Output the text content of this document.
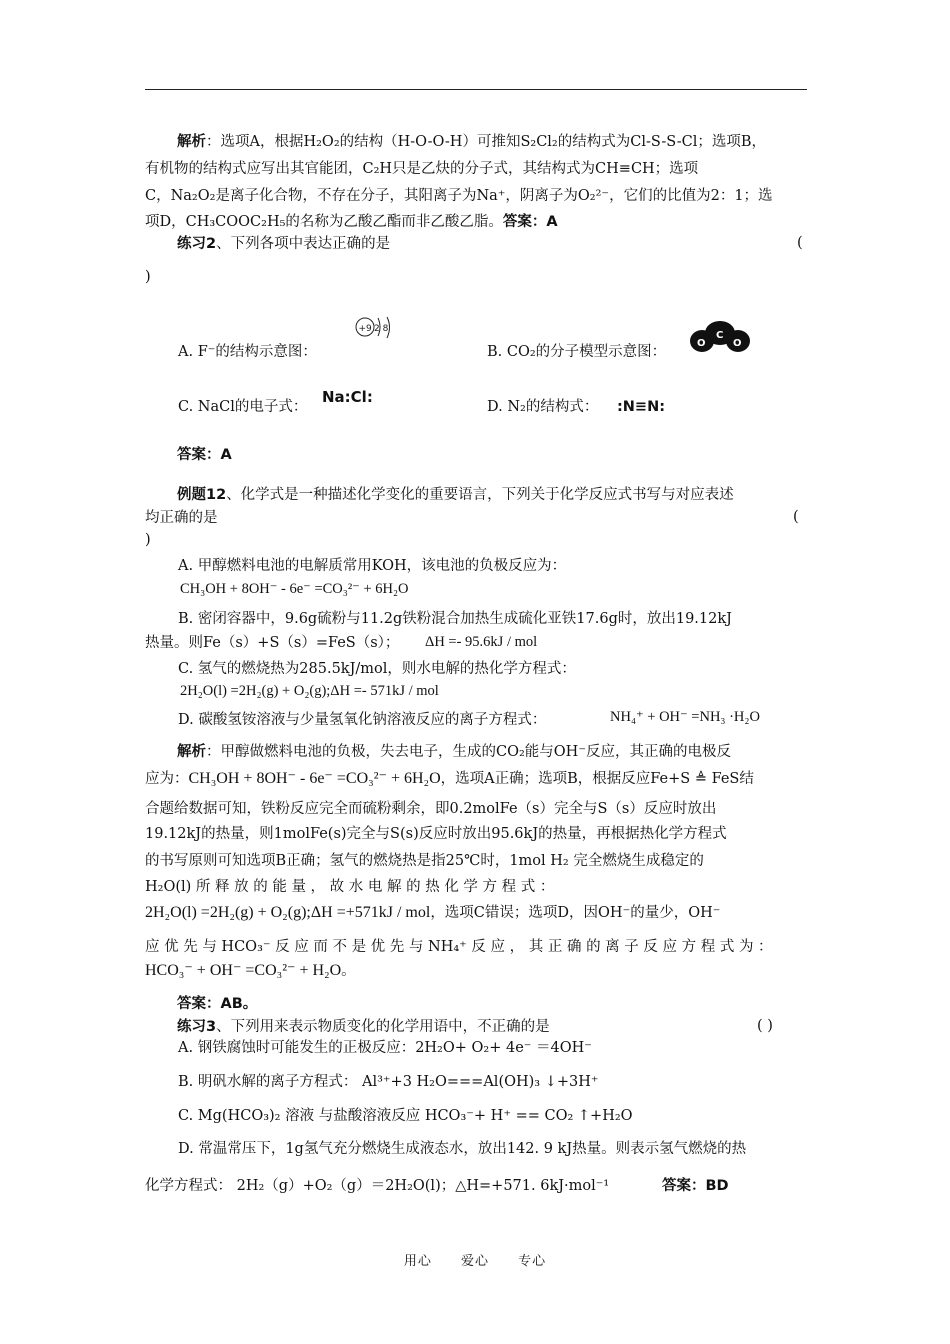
解析：选项A，根据H₂O₂的结构（H-O-O-H）可推知S₂Cl₂的结构式为Cl-S-S-Cl；选项B，

有机物的结构式应写出其官能团，C₂H只是乙炔的分子式，其结构式为CH≡CH；选项

C，Na₂O₂是离子化合物，不存在分子，其阳离子为Na⁺，阴离子为O₂²⁻，它们的比值为2：1；选

项D，CH₃COOC₂H₅的名称为乙酸乙酯而非乙酸乙脂。答案：A

练习2、下列各项中表达正确的是	(
)
+9 2 8
A. F⁻的结构示意图：
O
C
O
B. CO₂的分子模型示意图：
C. NaCl的电子式：
Na:Cl:
D. N₂的结构式： :N≡N:

答案：A

例题12、化学式是一种描述化学变化的重要语言，下列关于化学反应式书写与对应表述

均正确的是	(
)
A. 甲醇燃料电池的电解质常用KOH，该电池的负极反应为：
CH₃OH + 8OH⁻ - 6e⁻ =CO₃²⁻ + 6H₂O
B. 密闭容器中，9.6g硫粉与11.2g铁粉混合加热生成硫化亚铁17.6g时，放出19.12kJ
热量。则Fe（s）+S（s）=FeS（s）； ΔH =- 95.6kJ / mol
C. 氢气的燃烧热为285.5kJ/mol，则水电解的热化学方程式：
2H₂O(l) =2H₂(g) + O₂(g);ΔH =- 571kJ / mol
D. 碳酸氢铵溶液与少量氢氧化钠溶液反应的离子方程式：	NH₄⁺ + OH⁻ =NH₃ ·H₂O

解析：甲醇做燃料电池的负极，失去电子，生成的CO₂能与OH⁻反应，其正确的电极反

应为：CH₃OH + 8OH⁻ - 6e⁻ =CO₃²⁻ + 6H₂O，选项A正确；选项B，根据反应Fe+S ≜ FeS结

合题给数据可知，铁粉反应完全而硫粉剩余，即0.2molFe（s）完全与S（s）反应时放出

19.12kJ的热量，则1molFe(s)完全与S(s)反应时放出95.6kJ的热量，再根据热化学方程式

的书写原则可知选项B正确；氢气的燃烧热是指25℃时，1mol H₂ 完全燃烧生成稳定的

H₂O(l) 所 释 放 的 能 量 ， 故 水 电 解 的 热 化 学 方 程 式 ：

2H₂O(l) =2H₂(g) + O₂(g);ΔH =+571kJ / mol，选项C错误；选项D，因OH⁻的量少，OH⁻

应 优 先 与 HCO₃⁻ 反 应 而 不 是 优 先 与 NH₄⁺ 反 应 ， 其 正 确 的 离 子 反 应 方 程 式 为 ：

HCO₃⁻ + OH⁻ =CO₃²⁻ + H₂O。

答案：AB。

练习3、下列用来表示物质变化的化学用语中，不正确的是	( )
A. 钢铁腐蚀时可能发生的正极反应：2H₂O+ O₂+ 4e⁻ ＝4OH⁻
B. 明矾水解的离子方程式： Al³⁺+3 H₂O===Al(OH)₃ ↓+3H⁺
C. Mg(HCO₃)₂ 溶液 与盐酸溶液反应 HCO₃⁻+ H⁺ == CO₂ ↑+H₂O
D. 常温常压下，1g氢气充分燃烧生成液态水，放出142. 9 kJ热量。则表示氢气燃烧的热
化学方程式： 2H₂（g）+O₂（g）＝2H₂O(l)；△H=+571. 6kJ·mol⁻¹	答案：BD
用心 爱心 专心
